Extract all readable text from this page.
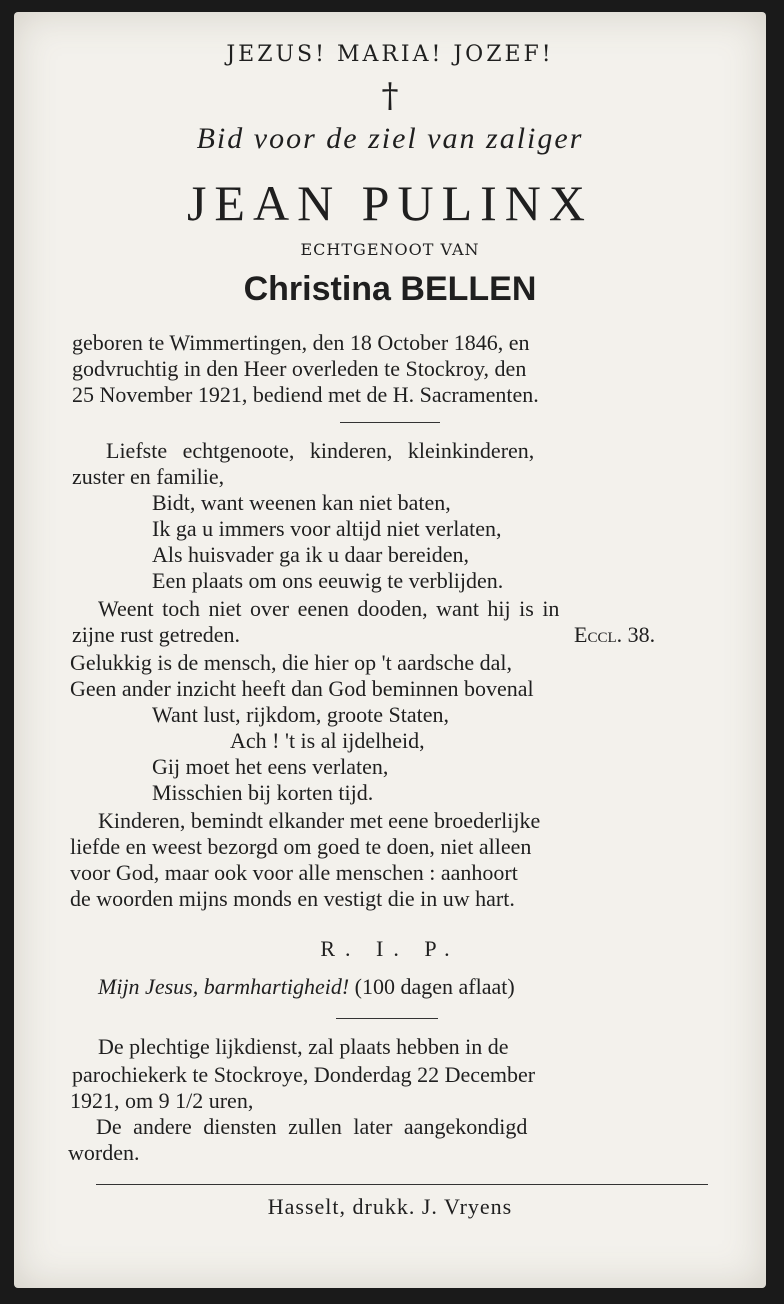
JEZUS! MARIA! JOZEF!
†
Bid voor de ziel van zaliger
JEAN PULINX
ECHTGENOOT VAN
Christina BELLEN
geboren te Wimmertingen, den 18 October 1846, en
godvruchtig in den Heer overleden te Stockroy, den
25 November 1921, bediend met de H. Sacramenten.
Liefste echtgenoote, kinderen, kleinkinderen,
zuster en familie,
Bidt, want weenen kan niet baten,
Ik ga u immers voor altijd niet verlaten,
Als huisvader ga ik u daar bereiden,
Een plaats om ons eeuwig te verblijden.
Weent toch niet over eenen dooden, want hij is in
zijne rust getreden.	Eccl. 38.
Gelukkig is de mensch, die hier op 't aardsche dal,
Geen ander inzicht heeft dan God beminnen bovenal
Want lust, rijkdom, groote Staten,
Ach ! 't is al ijdelheid,
Gij moet het eens verlaten,
Misschien bij korten tijd.
Kinderen, bemindt elkander met eene broederlijke
liefde en weest bezorgd om goed te doen, niet alleen
voor God, maar ook voor alle menschen : aanhoort
de woorden mijns monds en vestigt die in uw hart.
R. I. P.
Mijn Jesus, barmhartigheid! (100 dagen aflaat)
De plechtige lijkdienst, zal plaats hebben in de
parochiekerk te Stockroye, Donderdag 22 December
1921, om 9 1/2 uren,
De andere diensten zullen later aangekondigd
worden.
Hasselt, drukk. J. Vryens
